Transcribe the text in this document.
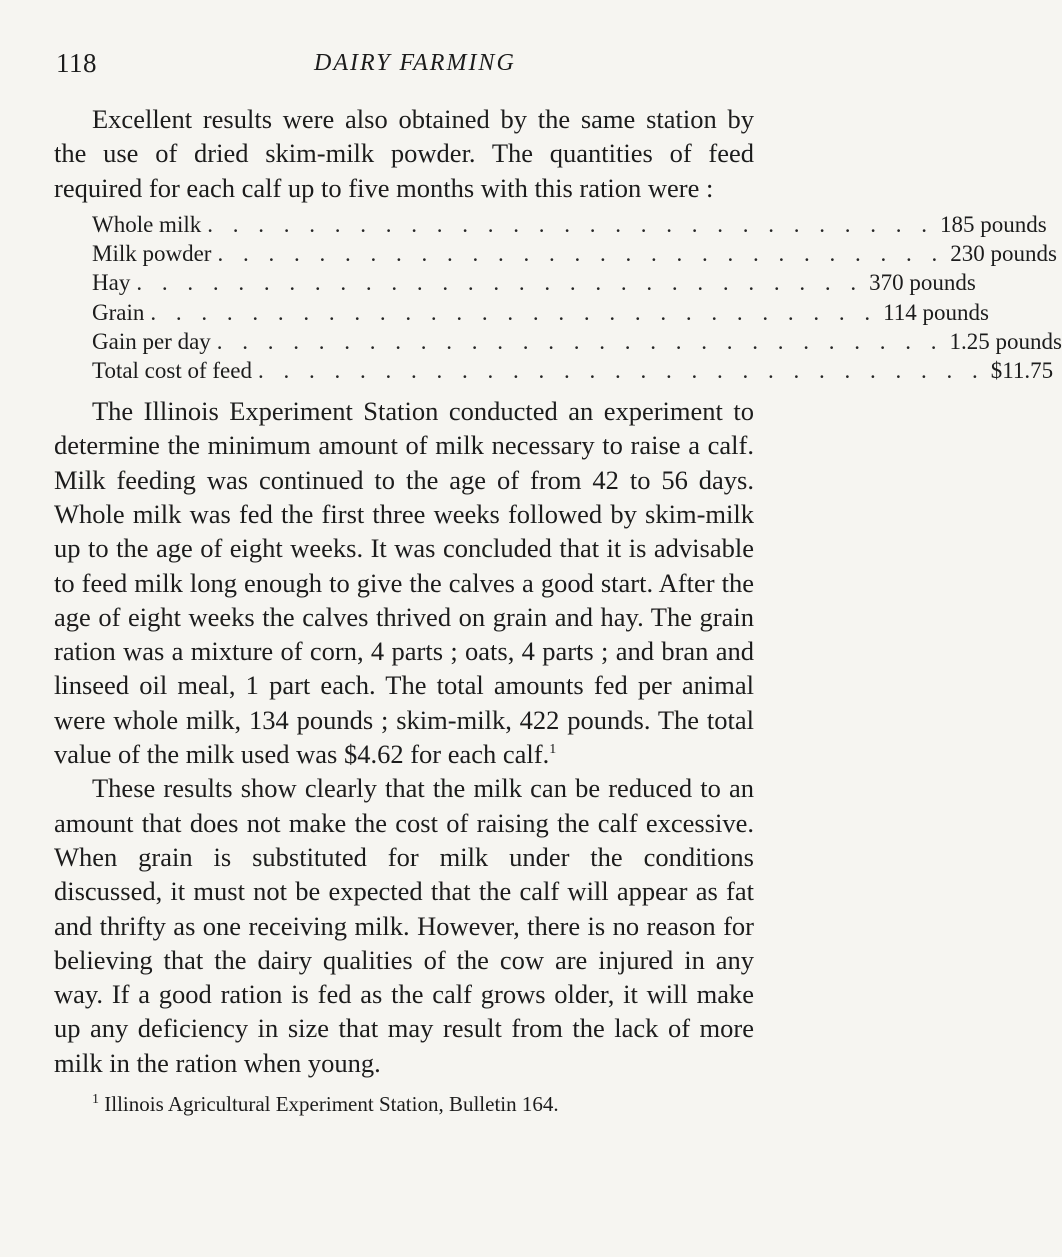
118	DAIRY FARMING

Excellent results were also obtained by the same station by the use of dried skim-milk powder. The quantities of feed required for each calf up to five months with this ration were :

Whole milk . . . . . . . . . . . . . . . . . . . . . . . . . . . . . 185 pounds
Milk powder . . . . . . . . . . . . . . . . . . . . . . . . . . . . . 230 pounds
Hay . . . . . . . . . . . . . . . . . . . . . . . . . . . . . 370 pounds
Grain . . . . . . . . . . . . . . . . . . . . . . . . . . . . . 114 pounds
Gain per day . . . . . . . . . . . . . . . . . . . . . . . . . . . . . 1.25 pounds
Total cost of feed . . . . . . . . . . . . . . . . . . . . . . . . . . . . . $11.75

The Illinois Experiment Station conducted an experiment to determine the minimum amount of milk necessary to raise a calf. Milk feeding was continued to the age of from 42 to 56 days. Whole milk was fed the first three weeks followed by skim-milk up to the age of eight weeks. It was concluded that it is advisable to feed milk long enough to give the calves a good start. After the age of eight weeks the calves thrived on grain and hay. The grain ration was a mixture of corn, 4 parts ; oats, 4 parts ; and bran and linseed oil meal, 1 part each. The total amounts fed per animal were whole milk, 134 pounds ; skim-milk, 422 pounds. The total value of the milk used was $4.62 for each calf.$^1$

These results show clearly that the milk can be reduced to an amount that does not make the cost of raising the calf excessive. When grain is substituted for milk under the conditions discussed, it must not be expected that the calf will appear as fat and thrifty as one receiving milk. However, there is no reason for believing that the dairy qualities of the cow are injured in any way. If a good ration is fed as the calf grows older, it will make up any deficiency in size that may result from the lack of more milk in the ration when young.

$^1$ Illinois Agricultural Experiment Station, Bulletin 164.
